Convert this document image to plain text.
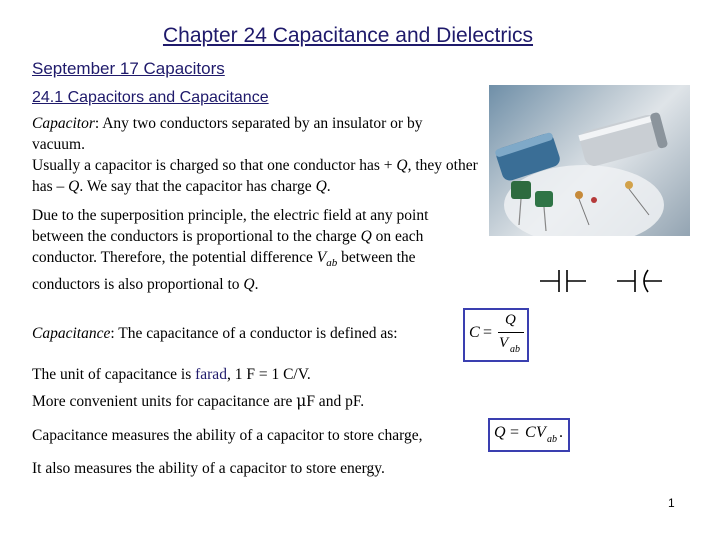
Chapter 24 Capacitance and Dielectrics
September 17 Capacitors
24.1 Capacitors and Capacitance
Capacitor: Any two conductors separated by an insulator or by vacuum.
Usually a capacitor is charged so that one conductor has + Q, they other has – Q. We say that the capacitor has charge Q.
Due to the superposition principle, the electric field at any point between the conductors is proportional to the charge Q on each conductor. Therefore, the potential difference $V_{ab}$ between the conductors is also proportional to Q.
Capacitance: The capacitance of a conductor is defined as:	C =
Q
V ab
The unit of capacitance is farad, 1 F = 1 C/V.
More convenient units for capacitance are μF and pF.
Capacitance measures the ability of a capacitor to store charge,	Q = C V ab .
It also measures the ability of a capacitor to store energy.
1
